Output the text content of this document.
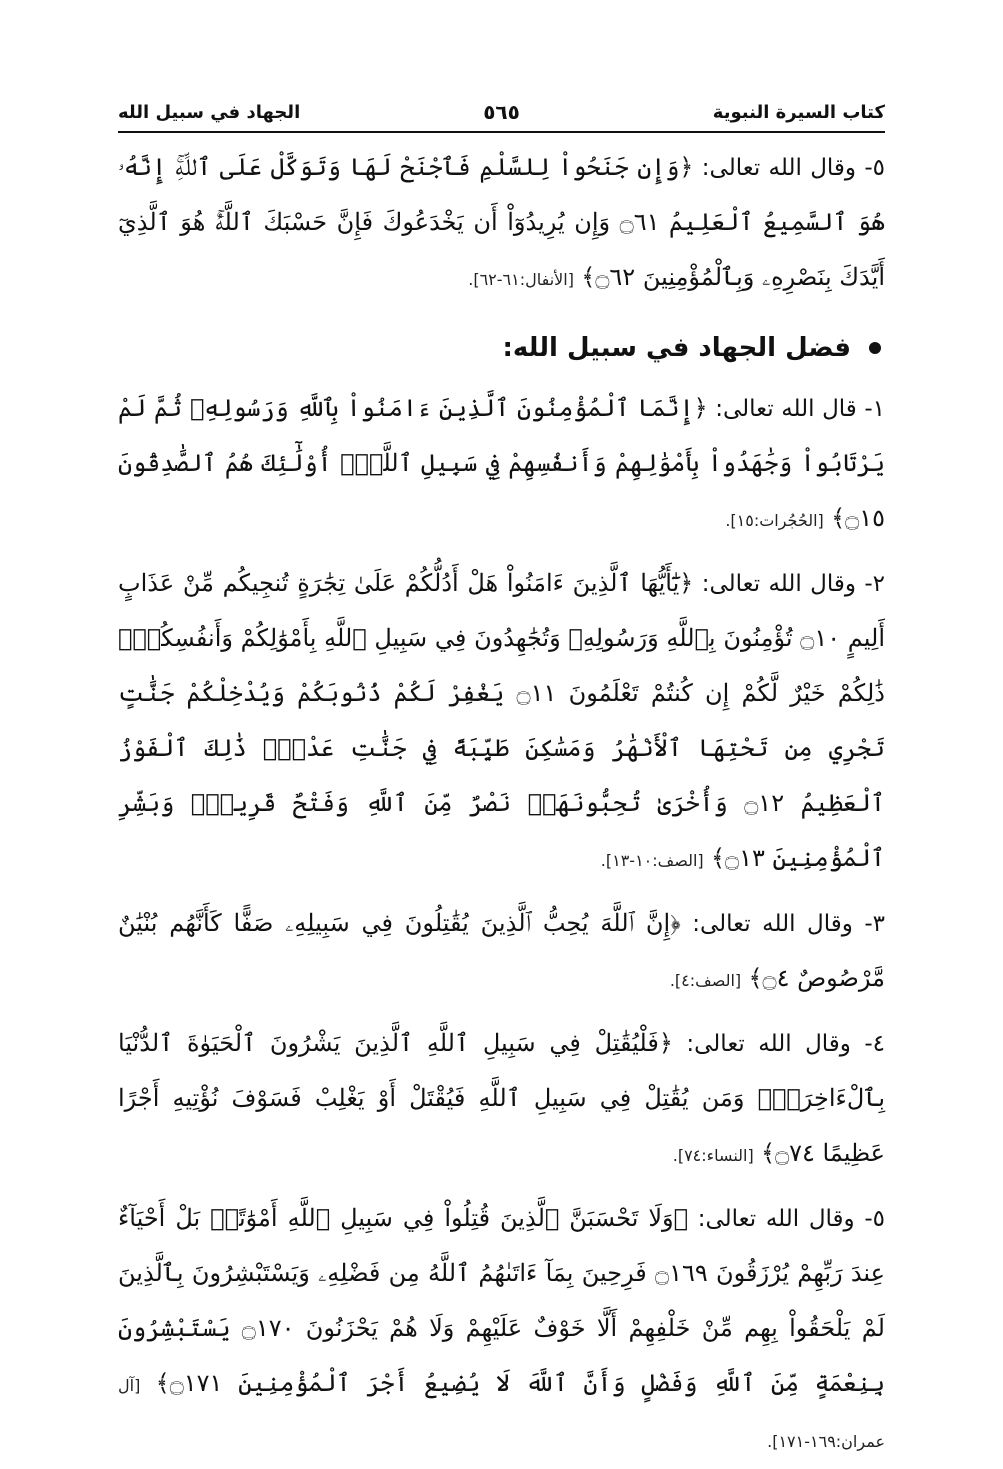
كتاب السيرة النبوية
٥٦٥
الجهاد في سبيل الله

٥- وقال الله تعالى: ﴿وَإِن جَنَحُواْ لِلسَّلْمِ فَٱجْنَحْ لَهَا وَتَوَكَّلْ عَلَى ٱللَّهِۚ إِنَّهُۥ هُوَ ٱلسَّمِيعُ ٱلْعَلِيمُ ۝٦١ وَإِن يُرِيدُوٓاْ أَن يَخْدَعُوكَ فَإِنَّ حَسْبَكَ ٱللَّهُۚ هُوَ ٱلَّذِيٓ أَيَّدَكَ بِنَصْرِهِۦ وَبِٱلْمُؤْمِنِينَ ۝٦٢﴾ [الأنفال:٦١-٦٢].

فضل الجهاد في سبيل الله:

١- قال الله تعالى: ﴿إِنَّمَا ٱلْمُؤْمِنُونَ ٱلَّذِينَ ءَامَنُواْ بِٱللَّهِ وَرَسُولِهِۦ ثُمَّ لَمْ يَرْتَابُواْ وَجَٰهَدُواْ بِأَمْوَٰلِهِمْ وَأَنفُسِهِمْ فِي سَبِيلِ ٱللَّهِۚ أُوْلَٰٓئِكَ هُمُ ٱلصَّٰدِقُونَ ۝١٥﴾ [الحُجُرات:١٥].

٢- وقال الله تعالى: ﴿يَٰٓأَيُّهَا ٱلَّذِينَ ءَامَنُواْ هَلْ أَدُلُّكُمْ عَلَىٰ تِجَٰرَةٍ تُنجِيكُم مِّنْ عَذَابٍ أَلِيمٍ ۝١٠ تُؤْمِنُونَ بِٱللَّهِ وَرَسُولِهِۦ وَتُجَٰهِدُونَ فِي سَبِيلِ ٱللَّهِ بِأَمْوَٰلِكُمْ وَأَنفُسِكُمْۚ ذَٰلِكُمْ خَيْرٌ لَّكُمْ إِن كُنتُمْ تَعْلَمُونَ ۝١١ يَغْفِرْ لَكُمْ ذُنُوبَكُمْ وَيُدْخِلْكُمْ جَنَّٰتٍ تَجْرِي مِن تَحْتِهَا ٱلْأَنْهَٰرُ وَمَسَٰكِنَ طَيِّبَةً فِي جَنَّٰتِ عَدْنٍۚ ذَٰلِكَ ٱلْفَوْزُ ٱلْعَظِيمُ ۝١٢ وَأُخْرَىٰ تُحِبُّونَهَاۖ نَصْرٌ مِّنَ ٱللَّهِ وَفَتْحٌ قَرِيبٌۗ وَبَشِّرِ ٱلْمُؤْمِنِينَ ۝١٣﴾ [الصف:١٠-١٣].

٣- وقال الله تعالى: ﴿إِنَّ ٱللَّهَ يُحِبُّ ٱلَّذِينَ يُقَٰتِلُونَ فِي سَبِيلِهِۦ صَفًّا كَأَنَّهُم بُنْيَٰنٌ مَّرْصُوصٌ ۝٤﴾ [الصف:٤].

٤- وقال الله تعالى: ﴿فَلْيُقَٰتِلْ فِي سَبِيلِ ٱللَّهِ ٱلَّذِينَ يَشْرُونَ ٱلْحَيَوٰةَ ٱلدُّنْيَا بِٱلْءَاخِرَةِۚ وَمَن يُقَٰتِلْ فِي سَبِيلِ ٱللَّهِ فَيُقْتَلْ أَوْ يَغْلِبْ فَسَوْفَ نُؤْتِيهِ أَجْرًا عَظِيمًا ۝٧٤﴾ [النساء:٧٤].

٥- وقال الله تعالى: ﴿وَلَا تَحْسَبَنَّ ٱلَّذِينَ قُتِلُواْ فِي سَبِيلِ ٱللَّهِ أَمْوَٰتًاۚ بَلْ أَحْيَآءٌ عِندَ رَبِّهِمْ يُرْزَقُونَ ۝١٦٩ فَرِحِينَ بِمَآ ءَاتَىٰهُمُ ٱللَّهُ مِن فَضْلِهِۦ وَيَسْتَبْشِرُونَ بِٱلَّذِينَ لَمْ يَلْحَقُواْ بِهِم مِّنْ خَلْفِهِمْ أَلَّا خَوْفٌ عَلَيْهِمْ وَلَا هُمْ يَحْزَنُونَ ۝١٧٠ يَسْتَبْشِرُونَ بِنِعْمَةٍ مِّنَ ٱللَّهِ وَفَضْلٍ وَأَنَّ ٱللَّهَ لَا يُضِيعُ أَجْرَ ٱلْمُؤْمِنِينَ ۝١٧١﴾ [آل عمران:١٦٩-١٧١].
